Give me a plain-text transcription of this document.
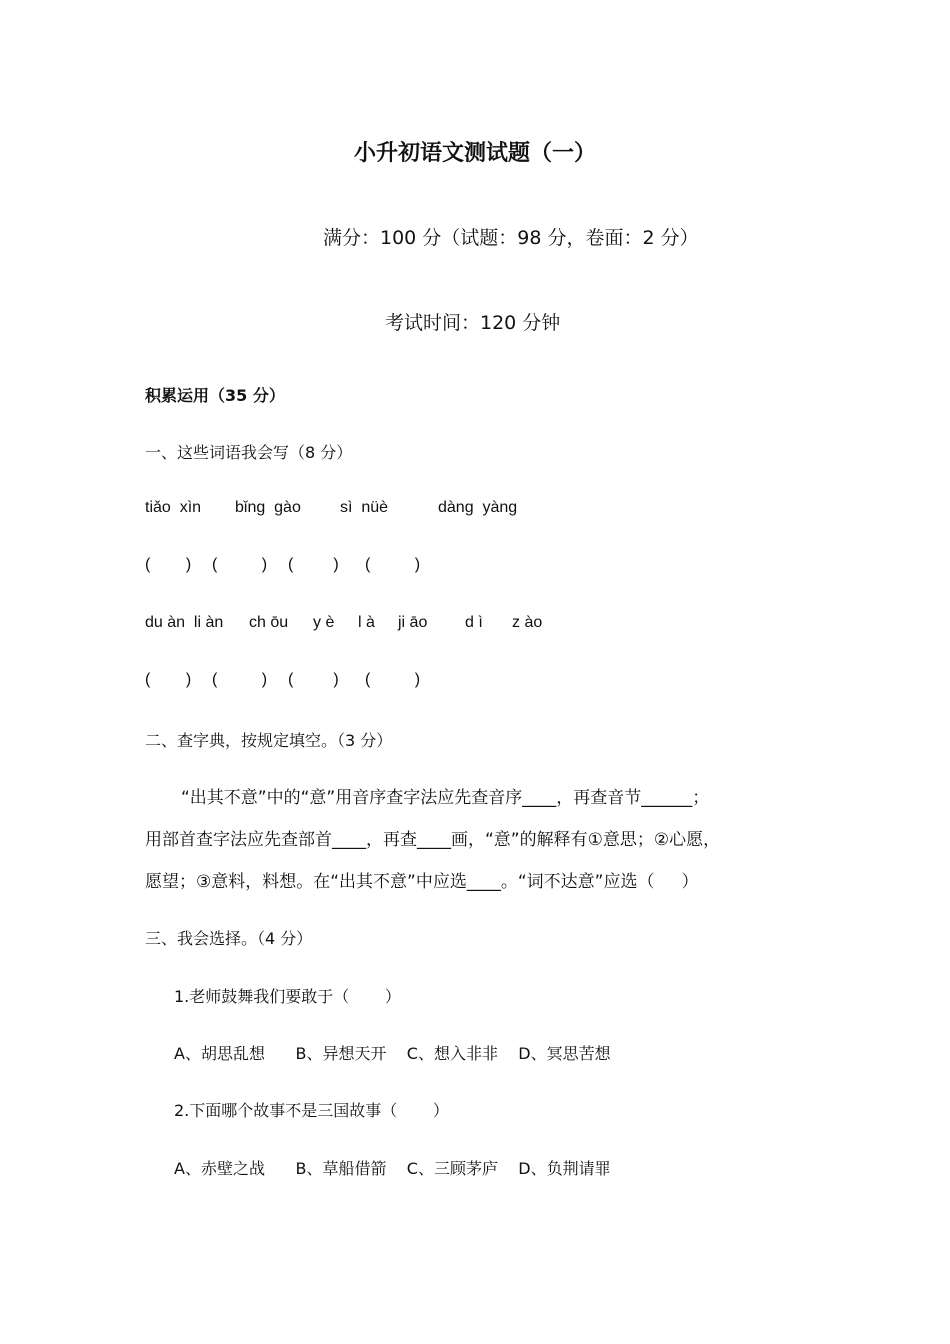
小升初语文测试题（一）
满分：100 分（试题：98 分，卷面：2 分）
考试时间：120 分钟
积累运用（35 分）
一、这些词语我会写（8 分）

tiǎo  xìn

bǐng  gào

sì  nüè

	dàng  yàng

(        )

(          )

(         )

(          )

du àn  li àn

ch ōu

y è

l à

ji āo

d ì

z ào

(        )

(          )

(         )

(          )

二、查字典，按规定填空。（3 分）
“出其不意”中的“意”用音序查字法应先查音序____，再查音节______；
用部首查字法应先查部首____，再查____画，“意”的解释有①意思；②心愿，
愿望；③意料，料想。在“出其不意”中应选____。“词不达意”应选（     ）
三、我会选择。（4 分）
1.老师鼓舞我们要敢于（       ）
A、胡思乱想      B、异想天开    C、想入非非    D、冥思苦想
2.下面哪个故事不是三国故事（       ）
A、赤壁之战      B、草船借箭    C、三顾茅庐    D、负荆请罪
